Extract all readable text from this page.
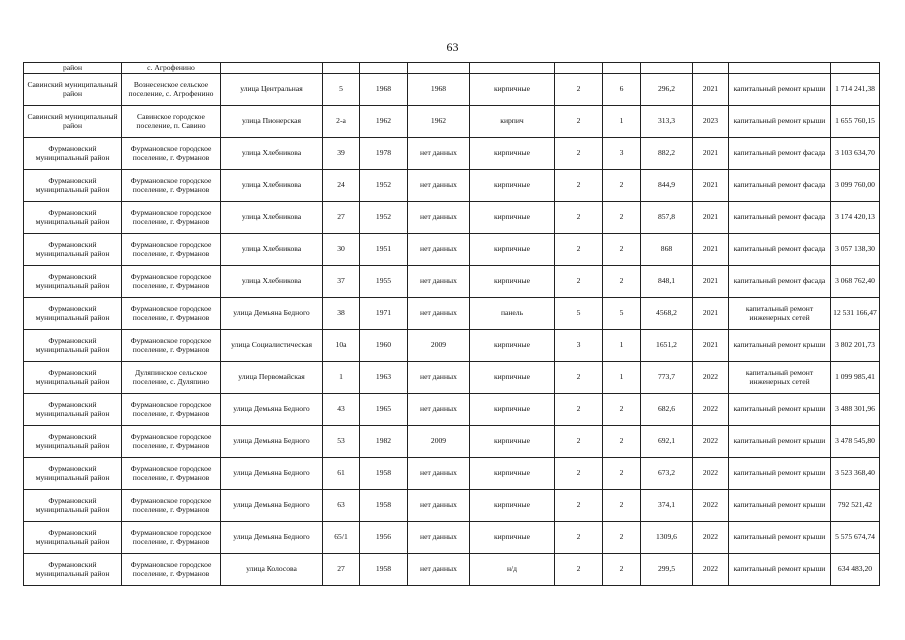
63
район	с. Агрофенино											
Савинский муниципальный район	Вознесенское сельское поселение, с. Агрофенино	улица Центральная	5	1968	1968	кирпичные	2	6	296,2	2021	капитальный ремонт крыши	1 714 241,38
Савинский муниципальный район	Савинское городское поселение, п. Савино	улица Пионерская	2-а	1962	1962	кирпич	2	1	313,3	2023	капитальный ремонт крыши	1 655 760,15
Фурмановский муниципальный район	Фурмановское городское поселение, г. Фурманов	улица Хлебникова	39	1978	нет данных	кирпичные	2	3	882,2	2021	капитальный ремонт фасада	3 103 634,70
Фурмановский муниципальный район	Фурмановское городское поселение, г. Фурманов	улица Хлебникова	24	1952	нет данных	кирпичные	2	2	844,9	2021	капитальный ремонт фасада	3 099 760,00
Фурмановский муниципальный район	Фурмановское городское поселение, г. Фурманов	улица Хлебникова	27	1952	нет данных	кирпичные	2	2	857,8	2021	капитальный ремонт фасада	3 174 420,13
Фурмановский муниципальный район	Фурмановское городское поселение, г. Фурманов	улица Хлебникова	30	1951	нет данных	кирпичные	2	2	868	2021	капитальный ремонт фасада	3 057 138,30
Фурмановский муниципальный район	Фурмановское городское поселение, г. Фурманов	улица Хлебникова	37	1955	нет данных	кирпичные	2	2	848,1	2021	капитальный ремонт фасада	3 068 762,40
Фурмановский муниципальный район	Фурмановское городское поселение, г. Фурманов	улица Демьяна Бедного	38	1971	нет данных	панель	5	5	4568,2	2021	капитальный ремонт инженерных сетей	12 531 166,47
Фурмановский муниципальный район	Фурмановское городское поселение, г. Фурманов	улица Социалистическая	10а	1960	2009	кирпичные	3	1	1651,2	2021	капитальный ремонт крыши	3 802 201,73
Фурмановский муниципальный район	Дуляпинское сельское поселение, с. Дуляпино	улица Первомайская	1	1963	нет данных	кирпичные	2	1	773,7	2022	капитальный ремонт инженерных сетей	1 099 985,41
Фурмановский муниципальный район	Фурмановское городское поселение, г. Фурманов	улица Демьяна Бедного	43	1965	нет данных	кирпичные	2	2	682,6	2022	капитальный ремонт крыши	3 488 301,96
Фурмановский муниципальный район	Фурмановское городское поселение, г. Фурманов	улица Демьяна Бедного	53	1982	2009	кирпичные	2	2	692,1	2022	капитальный ремонт крыши	3 478 545,80
Фурмановский муниципальный район	Фурмановское городское поселение, г. Фурманов	улица Демьяна Бедного	61	1958	нет данных	кирпичные	2	2	673,2	2022	капитальный ремонт крыши	3 523 368,40
Фурмановский муниципальный район	Фурмановское городское поселение, г. Фурманов	улица Демьяна Бедного	63	1958	нет данных	кирпичные	2	2	374,1	2022	капитальный ремонт крыши	792 521,42
Фурмановский муниципальный район	Фурмановское городское поселение, г. Фурманов	улица Демьяна Бедного	65/1	1956	нет данных	кирпичные	2	2	1309,6	2022	капитальный ремонт крыши	5 575 674,74
Фурмановский муниципальный район	Фурмановское городское поселение, г. Фурманов	улица Колосова	27	1958	нет данных	н/д	2	2	299,5	2022	капитальный ремонт крыши	634 483,20
